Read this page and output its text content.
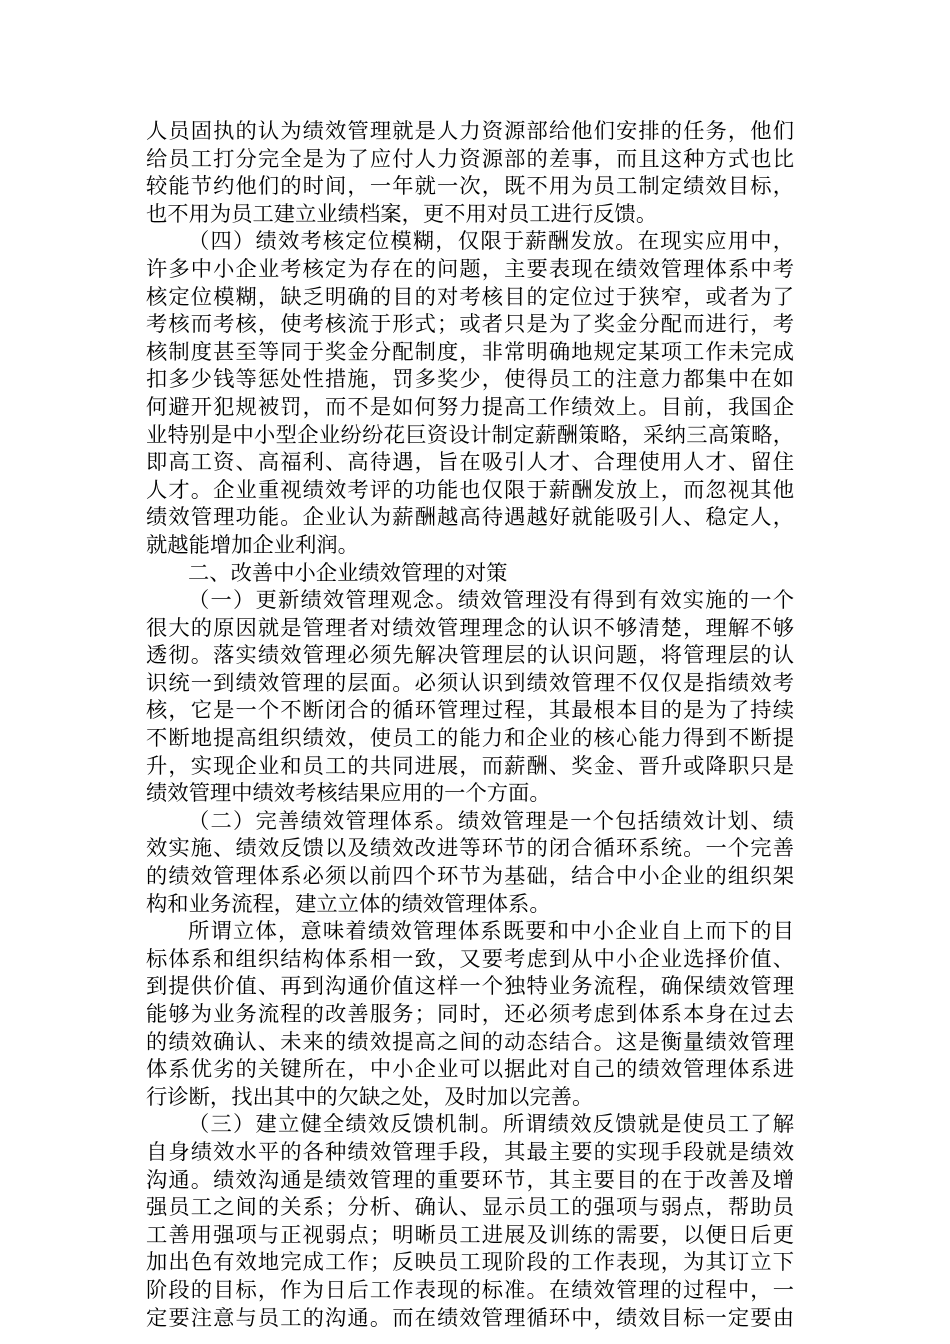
人员固执的认为绩效管理就是人力资源部给他们安排的任务，他们
给员工打分完全是为了应付人力资源部的差事，而且这种方式也比
较能节约他们的时间，一年就一次，既不用为员工制定绩效目标，
也不用为员工建立业绩档案，更不用对员工进行反馈。
（四）绩效考核定位模糊，仅限于薪酬发放。在现实应用中，
许多中小企业考核定为存在的问题，主要表现在绩效管理体系中考
核定位模糊，缺乏明确的目的对考核目的定位过于狭窄，或者为了
考核而考核，使考核流于形式；或者只是为了奖金分配而进行，考
核制度甚至等同于奖金分配制度，非常明确地规定某项工作未完成
扣多少钱等惩处性措施，罚多奖少，使得员工的注意力都集中在如
何避开犯规被罚，而不是如何努力提高工作绩效上。目前，我国企
业特别是中小型企业纷纷花巨资设计制定薪酬策略，采纳三高策略，
即高工资、高福利、高待遇，旨在吸引人才、合理使用人才、留住
人才。企业重视绩效考评的功能也仅限于薪酬发放上，而忽视其他
绩效管理功能。企业认为薪酬越高待遇越好就能吸引人、稳定人，
就越能增加企业利润。
二、改善中小企业绩效管理的对策
（一）更新绩效管理观念。绩效管理没有得到有效实施的一个
很大的原因就是管理者对绩效管理理念的认识不够清楚，理解不够
透彻。落实绩效管理必须先解决管理层的认识问题，将管理层的认
识统一到绩效管理的层面。必须认识到绩效管理不仅仅是指绩效考
核，它是一个不断闭合的循环管理过程，其最根本目的是为了持续
不断地提高组织绩效，使员工的能力和企业的核心能力得到不断提
升，实现企业和员工的共同进展，而薪酬、奖金、晋升或降职只是
绩效管理中绩效考核结果应用的一个方面。
（二）完善绩效管理体系。绩效管理是一个包括绩效计划、绩
效实施、绩效反馈以及绩效改进等环节的闭合循环系统。一个完善
的绩效管理体系必须以前四个环节为基础，结合中小企业的组织架
构和业务流程，建立立体的绩效管理体系。
所谓立体，意味着绩效管理体系既要和中小企业自上而下的目
标体系和组织结构体系相一致，又要考虑到从中小企业选择价值、
到提供价值、再到沟通价值这样一个独特业务流程，确保绩效管理
能够为业务流程的改善服务；同时，还必须考虑到体系本身在过去
的绩效确认、未来的绩效提高之间的动态结合。这是衡量绩效管理
体系优劣的关键所在，中小企业可以据此对自己的绩效管理体系进
行诊断，找出其中的欠缺之处，及时加以完善。
（三）建立健全绩效反馈机制。所谓绩效反馈就是使员工了解
自身绩效水平的各种绩效管理手段，其最主要的实现手段就是绩效
沟通。绩效沟通是绩效管理的重要环节，其主要目的在于改善及增
强员工之间的关系；分析、确认、显示员工的强项与弱点，帮助员
工善用强项与正视弱点；明晰员工进展及训练的需要，以便日后更
加出色有效地完成工作；反映员工现阶段的工作表现，为其订立下
阶段的目标，作为日后工作表现的标准。在绩效管理的过程中，一
定要注意与员工的沟通。而在绩效管理循环中，绩效目标一定要由
